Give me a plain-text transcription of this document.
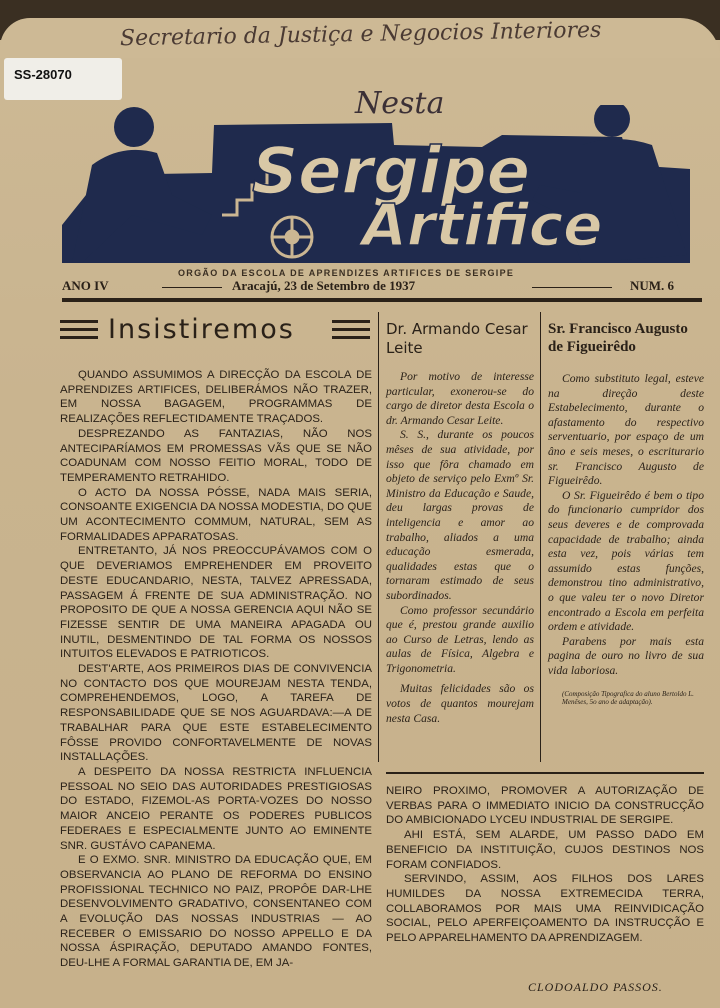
Secretario da Justiça e Negocios Interiores
SS-28070
Sergipe
Artifice
Nesta
ORGÃO DA ESCOLA DE APRENDIZES ARTIFICES DE SERGIPE
ANO IV	Aracajú, 23 de Setembro de 1937	NUM. 6
Insistiremos

QUANDO ASSUMIMOS A DIRECÇÃO DA ESCOLA DE APRENDIZES ARTIFICES, DELIBERÁMOS NÃO TRAZER, EM NOSSA BAGAGEM, PROGRAMMAS DE REALIZAÇÕES REFLECTIDAMENTE TRAÇADOS.

DESPREZANDO AS FANTAZIAS, NÃO NOS ANTECIPARÍAMOS EM PROMESSAS VÃS QUE SE NÃO COADUNAM COM NOSSO FEITIO MORAL, TODO DE TEMPERAMENTO RETRAHIDO.

O ACTO DA NOSSA PÓSSE, NADA MAIS SERIA, CONSOANTE EXIGENCIA DA NOSSA MODESTIA, DO QUE UM ACONTECIMENTO COMMUM, NATURAL, SEM AS FORMALIDADES APPARATOSAS.

ENTRETANTO, JÁ NOS PREOCCUPÁVAMOS COM O QUE DEVERIAMOS EMPREHENDER EM PROVEITO DESTE EDUCANDARIO, NESTA, TALVEZ APRESSADA, PASSAGEM Á FRENTE DE SUA ADMINISTRAÇÃO. NO PROPOSITO DE QUE A NOSSA GERENCIA AQUI NÃO SE FIZESSE SENTIR DE UMA MANEIRA APAGADA OU INUTIL, DESMENTINDO DE TAL FORMA OS NOSSOS INTUITOS ELEVADOS E PATRIOTICOS.

DEST'ARTE, AOS PRIMEIROS DIAS DE CONVIVENCIA NO CONTACTO DOS QUE MOUREJAM NESTA TENDA, COMPREHENDEMOS, LOGO, A TAREFA DE RESPONSABILIDADE QUE SE NOS AGUARDAVA:—A DE TRABALHAR PARA QUE ESTE ESTABELECIMENTO FÔSSE PROVIDO CONFORTAVELMENTE DE NOVAS INSTALLAÇÕES.

A DESPEITO DA NOSSA RESTRICTA INFLUENCIA PESSOAL NO SEIO DAS AUTORIDADES PRESTIGIOSAS DO ESTADO, FIZEMOL-AS PORTA-VOZES DO NOSSO MAIOR ANCEIO PERANTE OS PODERES PUBLICOS FEDERAES E ESPECIALMENTE JUNTO AO EMINENTE SNR. GUSTÁVO CAPANEMA.

E O EXMO. SNR. MINISTRO DA EDUCAÇÃO QUE, EM OBSERVANCIA AO PLANO DE REFORMA DO ENSINO PROFISSIONAL TECHNICO NO PAIZ, PROPÔE DAR-LHE DESENVOLVIMENTO GRADATIVO, CONSENTANEO COM A EVOLUÇÃO DAS NOSSAS INDUSTRIAS — AO RECEBER O EMISSARIO DO NOSSO APPELLO E DA NOSSA ÁSPIRAÇÃO, DEPUTADO AMANDO FONTES, DEU-LHE A FORMAL GARANTIA DE, EM JA-

Dr. Armando Cesar Leite

Por motivo de interesse particular, exonerou-se do cargo de diretor desta Escola o dr. Armando Cesar Leite.

S. S., durante os poucos mêses de sua atividade, por isso que fôra chamado em objeto de serviço pelo Exmº Sr. Ministro da Educação e Saude, deu largas provas de inteligencia e amor ao trabalho, aliados a uma educação esmerada, qualidades estas que o tornaram estimado de seus subordinados.

Como professor secundário que é, prestou grande auxilio ao Curso de Letras, lendo as aulas de Física, Algebra e Trigonometria.

Muitas felicidades são os votos de quantos mourejam nesta Casa.

Sr. Francisco Augusto de Figueirêdo

Como substituto legal, esteve na direção deste Estabelecimento, durante o afastamento do respectivo serventuario, por espaço de um âno e seis meses, o escriturario sr. Francisco Augusto de Figueirêdo.

O Sr. Figueirêdo é bem o tipo do funcionario cumpridor dos seus deveres e de comprovada capacidade de trabalho; ainda esta vez, pois várias tem assumido estas funções, demonstrou tino administrativo, o que valeu ter o novo Diretor encontrado a Escola em perfeita ordem e atividade.

Parabens por mais esta pagina de ouro no livro de sua vida laboriosa.

(Composição Tipografica do aluno Bertoldo L. Menêses, 5o ano de adaptação).

NEIRO PROXIMO, PROMOVER A AUTORIZAÇÃO DE VERBAS PARA O IMMEDIATO INICIO DA CONSTRUCÇÃO DO AMBICIONADO LYCEU INDUSTRIAL DE SERGIPE.

AHI ESTÁ, SEM ALARDE, UM PASSO DADO EM BENEFICIO DA INSTITUIÇÃO, CUJOS DESTINOS NOS FORAM CONFIADOS.

SERVINDO, ASSIM, AOS FILHOS DOS LARES HUMILDES DA NOSSA EXTREMECIDA TERRA, COLLABORAMOS POR MAIS UMA REINVIDICAÇÃO SOCIAL, PELO APERFEIÇOAMENTO DA INSTRUCÇÃO E PELO APPARELHAMENTO DA APRENDIZAGEM.

CLODOALDO PASSOS.
